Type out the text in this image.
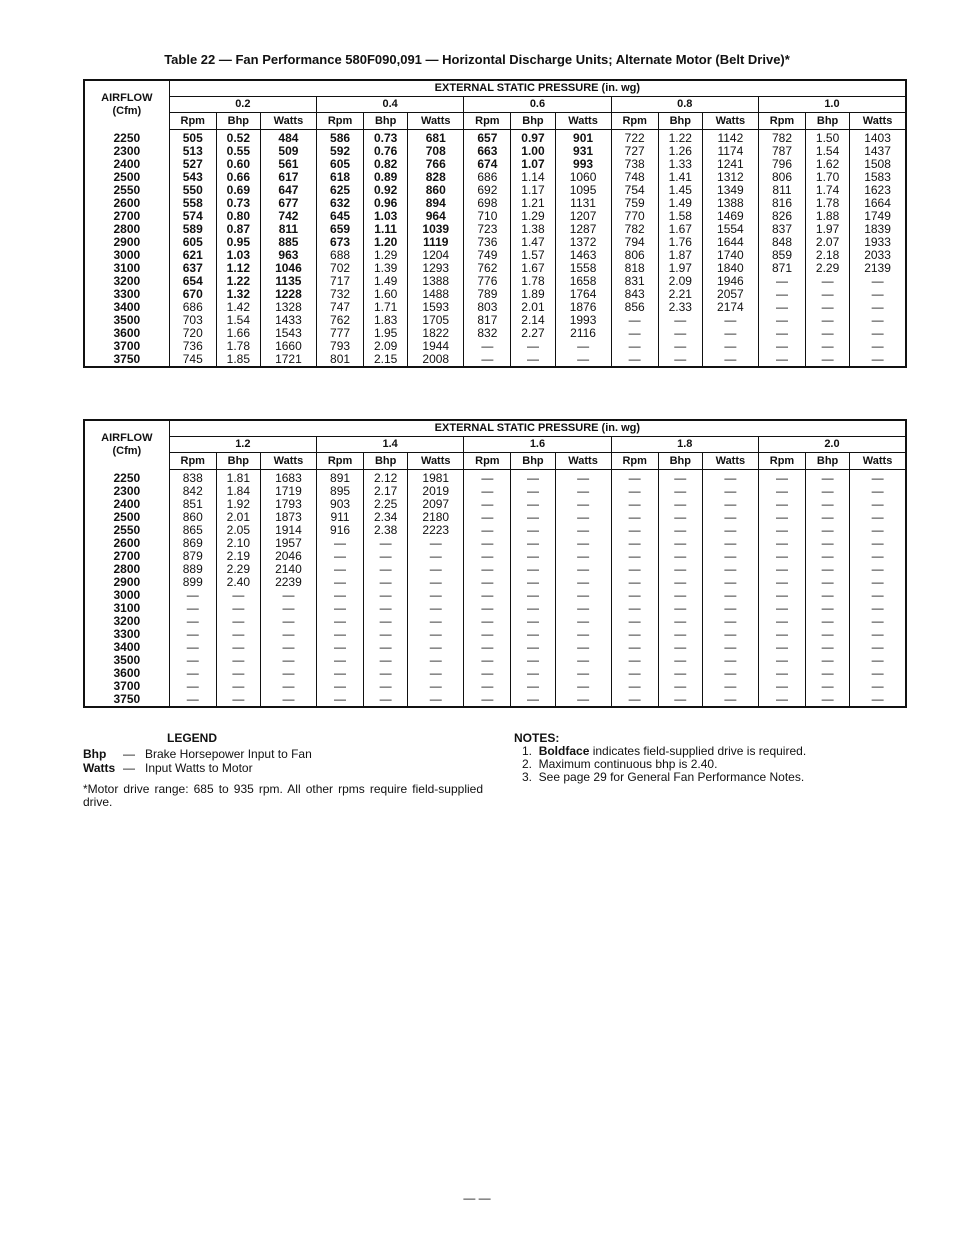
Table 22 — Fan Performance 580F090,091 — Horizontal Discharge Units; Alternate Motor (Belt Drive)*
AIRFLOW
(Cfm)	EXTERNAL STATIC PRESSURE (in. wg)														
	0.2			0.4			0.6			0.8			1.0		
	Rpm	Bhp	Watts	Rpm	Bhp	Watts	Rpm	Bhp	Watts	Rpm	Bhp	Watts	Rpm	Bhp	Watts
2250	505	0.52	484	586	0.73	681	657	0.97	901	722	1.22	1142	782	1.50	1403
2300	513	0.55	509	592	0.76	708	663	1.00	931	727	1.26	1174	787	1.54	1437
2400	527	0.60	561	605	0.82	766	674	1.07	993	738	1.33	1241	796	1.62	1508
2500	543	0.66	617	618	0.89	828	686	1.14	1060	748	1.41	1312	806	1.70	1583
2550	550	0.69	647	625	0.92	860	692	1.17	1095	754	1.45	1349	811	1.74	1623
2600	558	0.73	677	632	0.96	894	698	1.21	1131	759	1.49	1388	816	1.78	1664
2700	574	0.80	742	645	1.03	964	710	1.29	1207	770	1.58	1469	826	1.88	1749
2800	589	0.87	811	659	1.11	1039	723	1.38	1287	782	1.67	1554	837	1.97	1839
2900	605	0.95	885	673	1.20	1119	736	1.47	1372	794	1.76	1644	848	2.07	1933
3000	621	1.03	963	688	1.29	1204	749	1.57	1463	806	1.87	1740	859	2.18	2033
3100	637	1.12	1046	702	1.39	1293	762	1.67	1558	818	1.97	1840	871	2.29	2139
3200	654	1.22	1135	717	1.49	1388	776	1.78	1658	831	2.09	1946	—	—	—
3300	670	1.32	1228	732	1.60	1488	789	1.89	1764	843	2.21	2057	—	—	—
3400	686	1.42	1328	747	1.71	1593	803	2.01	1876	856	2.33	2174	—	—	—
3500	703	1.54	1433	762	1.83	1705	817	2.14	1993	—	—	—	—	—	—
3600	720	1.66	1543	777	1.95	1822	832	2.27	2116	—	—	—	—	—	—
3700	736	1.78	1660	793	2.09	1944	—	—	—	—	—	—	—	—	—
3750	745	1.85	1721	801	2.15	2008	—	—	—	—	—	—	—	—	—
AIRFLOW
(Cfm)	EXTERNAL STATIC PRESSURE (in. wg)														
	1.2			1.4			1.6			1.8			2.0		
	Rpm	Bhp	Watts	Rpm	Bhp	Watts	Rpm	Bhp	Watts	Rpm	Bhp	Watts	Rpm	Bhp	Watts
2250	838	1.81	1683	891	2.12	1981	—	—	—	—	—	—	—	—	—
2300	842	1.84	1719	895	2.17	2019	—	—	—	—	—	—	—	—	—
2400	851	1.92	1793	903	2.25	2097	—	—	—	—	—	—	—	—	—
2500	860	2.01	1873	911	2.34	2180	—	—	—	—	—	—	—	—	—
2550	865	2.05	1914	916	2.38	2223	—	—	—	—	—	—	—	—	—
2600	869	2.10	1957	—	—	—	—	—	—	—	—	—	—	—	—
2700	879	2.19	2046	—	—	—	—	—	—	—	—	—	—	—	—
2800	889	2.29	2140	—	—	—	—	—	—	—	—	—	—	—	—
2900	899	2.40	2239	—	—	—	—	—	—	—	—	—	—	—	—
3000	—	—	—	—	—	—	—	—	—	—	—	—	—	—	—
3100	—	—	—	—	—	—	—	—	—	—	—	—	—	—	—
3200	—	—	—	—	—	—	—	—	—	—	—	—	—	—	—
3300	—	—	—	—	—	—	—	—	—	—	—	—	—	—	—
3400	—	—	—	—	—	—	—	—	—	—	—	—	—	—	—
3500	—	—	—	—	—	—	—	—	—	—	—	—	—	—	—
3600	—	—	—	—	—	—	—	—	—	—	—	—	—	—	—
3700	—	—	—	—	—	—	—	—	—	—	—	—	—	—	—
3750	—	—	—	—	—	—	—	—	—	—	—	—	—	—	—
LEGEND
Bhp — Brake Horsepower Input to Fan
Watts — Input Watts to Motor
*Motor drive range: 685 to 935 rpm. All other rpms require field-supplied drive.
NOTES:
1. Boldface indicates field-supplied drive is required.
2.  Maximum continuous bhp is 2.40.
3.  See page 29 for General Fan Performance Notes.
— —
